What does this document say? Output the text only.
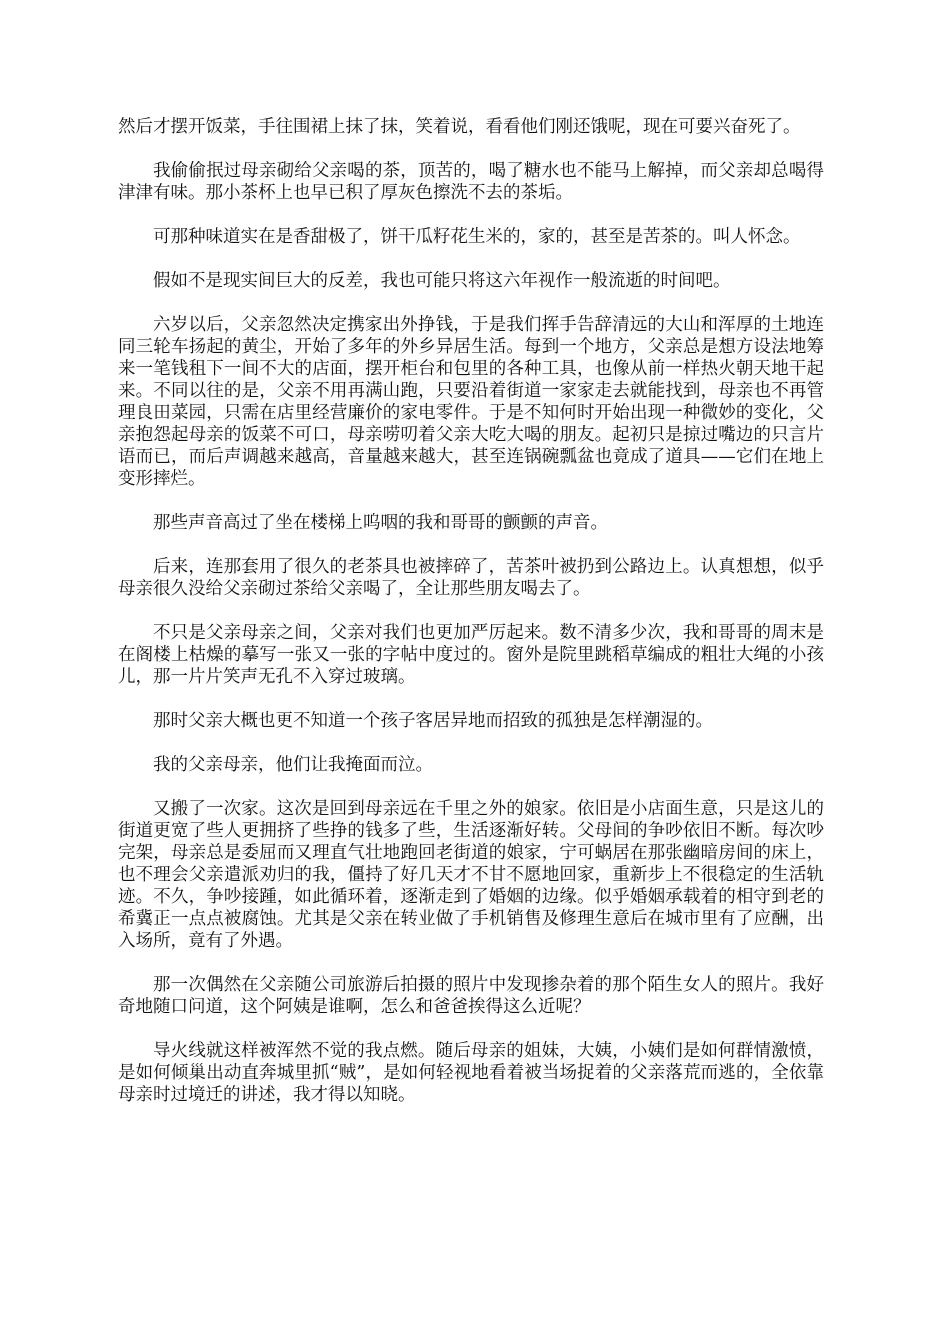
然后才摆开饭菜，手往围裙上抹了抹，笑着说，看看他们刚还饿呢，现在可要兴奋死了。

我偷偷抿过母亲砌给父亲喝的茶，顶苦的，喝了糖水也不能马上解掉，而父亲却总喝得津津有味。那小茶杯上也早已积了厚灰色擦洗不去的茶垢。

可那种味道实在是香甜极了，饼干瓜籽花生米的，家的，甚至是苦茶的。叫人怀念。

假如不是现实间巨大的反差，我也可能只将这六年视作一般流逝的时间吧。

六岁以后，父亲忽然决定携家出外挣钱，于是我们挥手告辞清远的大山和浑厚的土地连同三轮车扬起的黄尘，开始了多年的外乡异居生活。每到一个地方，父亲总是想方设法地筹来一笔钱租下一间不大的店面，摆开柜台和包里的各种工具，也像从前一样热火朝天地干起来。不同以往的是，父亲不用再满山跑，只要沿着街道一家家走去就能找到，母亲也不再管理良田菜园，只需在店里经营廉价的家电零件。于是不知何时开始出现一种微妙的变化，父亲抱怨起母亲的饭菜不可口，母亲唠叨着父亲大吃大喝的朋友。起初只是掠过嘴边的只言片语而已，而后声调越来越高，音量越来越大，甚至连锅碗瓢盆也竟成了道具——它们在地上变形摔烂。

那些声音高过了坐在楼梯上呜咽的我和哥哥的颤颤的声音。

后来，连那套用了很久的老茶具也被摔碎了，苦茶叶被扔到公路边上。认真想想，似乎母亲很久没给父亲砌过茶给父亲喝了，全让那些朋友喝去了。

不只是父亲母亲之间，父亲对我们也更加严厉起来。数不清多少次，我和哥哥的周末是在阁楼上枯燥的摹写一张又一张的字帖中度过的。窗外是院里跳稻草编成的粗壮大绳的小孩儿，那一片片笑声无孔不入穿过玻璃。

那时父亲大概也更不知道一个孩子客居异地而招致的孤独是怎样潮湿的。

我的父亲母亲，他们让我掩面而泣。

又搬了一次家。这次是回到母亲远在千里之外的娘家。依旧是小店面生意，只是这儿的街道更宽了些人更拥挤了些挣的钱多了些，生活逐渐好转。父母间的争吵依旧不断。每次吵完架，母亲总是委屈而又理直气壮地跑回老街道的娘家，宁可蜗居在那张幽暗房间的床上，也不理会父亲遣派劝归的我，僵持了好几天才不甘不愿地回家，重新步上不很稳定的生活轨迹。不久，争吵接踵，如此循环着，逐渐走到了婚姻的边缘。似乎婚姻承载着的相守到老的希冀正一点点被腐蚀。尤其是父亲在转业做了手机销售及修理生意后在城市里有了应酬，出入场所，竟有了外遇。

那一次偶然在父亲随公司旅游后拍摄的照片中发现掺杂着的那个陌生女人的照片。我好奇地随口问道，这个阿姨是谁啊，怎么和爸爸挨得这么近呢？

导火线就这样被浑然不觉的我点燃。随后母亲的姐妹，大姨，小姨们是如何群情激愤，是如何倾巢出动直奔城里抓“贼”，是如何轻视地看着被当场捉着的父亲落荒而逃的，全依靠母亲时过境迁的讲述，我才得以知晓。
